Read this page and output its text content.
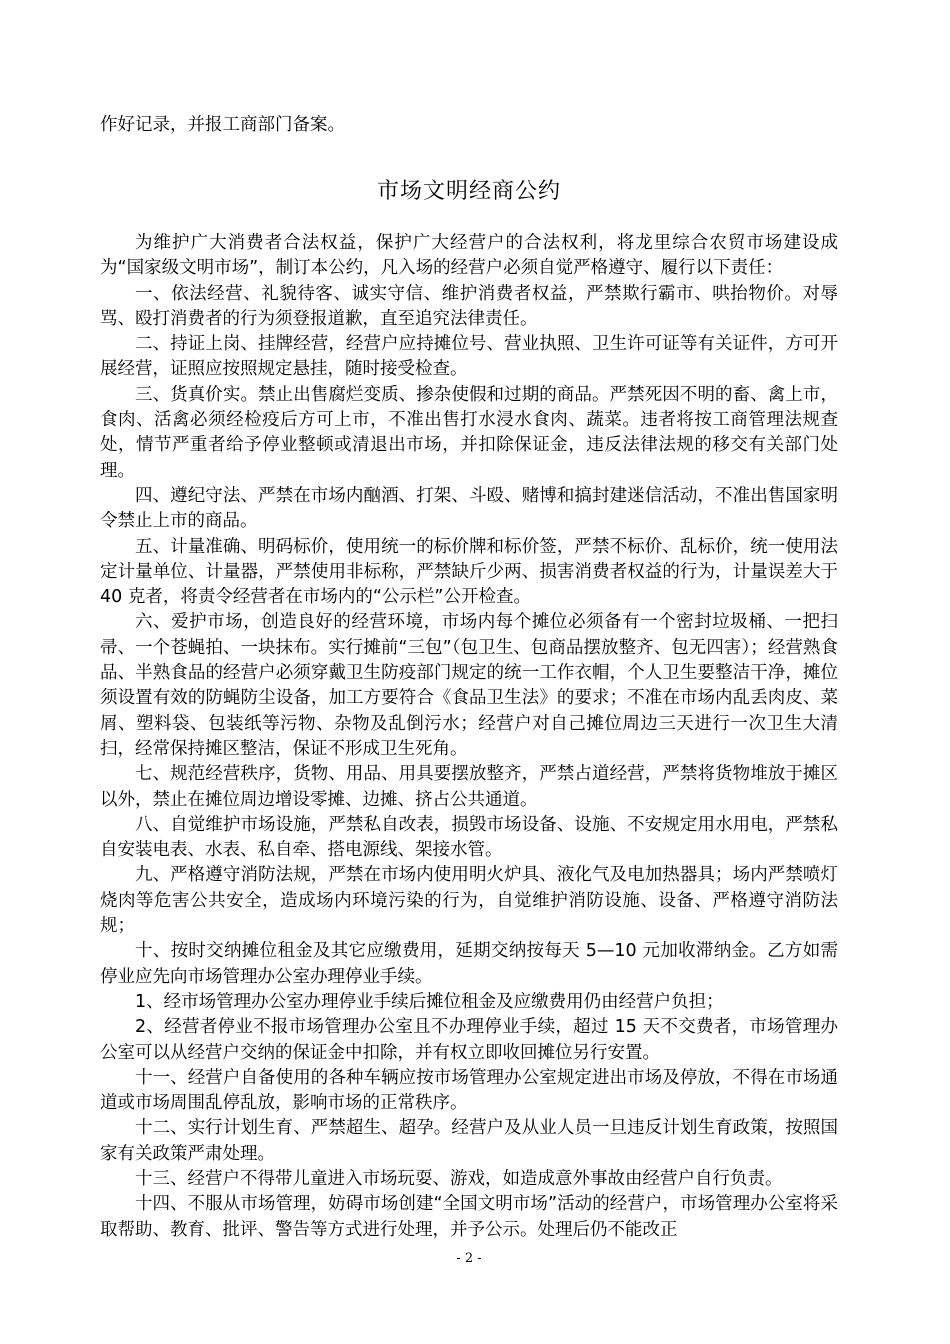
作好记录，并报工商部门备案。
市场文明经商公约

为维护广大消费者合法权益，保护广大经营户的合法权利，将龙里综合农贸市场建设成为“国家级文明市场”，制订本公约，凡入场的经营户必须自觉严格遵守、履行以下责任：

一、依法经营、礼貌待客、诚实守信、维护消费者权益，严禁欺行霸市、哄抬物价。对辱骂、殴打消费者的行为须登报道歉，直至追究法律责任。

二、持证上岗、挂牌经营，经营户应持摊位号、营业执照、卫生许可证等有关证件，方可开展经营，证照应按照规定悬挂，随时接受检查。

三、货真价实。禁止出售腐烂变质、掺杂使假和过期的商品。严禁死因不明的畜、禽上市，食肉、活禽必须经检疫后方可上市，不准出售打水浸水食肉、蔬菜。违者将按工商管理法规查处，情节严重者给予停业整顿或清退出市场，并扣除保证金，违反法律法规的移交有关部门处理。

四、遵纪守法、严禁在市场内酗酒、打架、斗殴、赌博和搞封建迷信活动，不准出售国家明令禁止上市的商品。

五、计量准确、明码标价，使用统一的标价牌和标价签，严禁不标价、乱标价，统一使用法定计量单位、计量器，严禁使用非标称，严禁缺斤少两、损害消费者权益的行为，计量误差大于 40 克者，将责令经营者在市场内的“公示栏”公开检查。

六、爱护市场，创造良好的经营环境，市场内每个摊位必须备有一个密封垃圾桶、一把扫帚、一个苍蝇拍、一块抹布。实行摊前“三包”（包卫生、包商品摆放整齐、包无四害）；经营熟食品、半熟食品的经营户必须穿戴卫生防疫部门规定的统一工作衣帽，个人卫生要整洁干净，摊位须设置有效的防蝇防尘设备，加工方要符合《食品卫生法》的要求；不准在市场内乱丢肉皮、菜屑、塑料袋、包装纸等污物、杂物及乱倒污水；经营户对自己摊位周边三天进行一次卫生大清扫，经常保持摊区整洁，保证不形成卫生死角。

七、规范经营秩序，货物、用品、用具要摆放整齐，严禁占道经营，严禁将货物堆放于摊区以外，禁止在摊位周边增设零摊、边摊、挤占公共通道。

八、自觉维护市场设施，严禁私自改表，损毁市场设备、设施、不安规定用水用电，严禁私自安装电表、水表、私自牵、搭电源线、架接水管。

九、严格遵守消防法规，严禁在市场内使用明火炉具、液化气及电加热器具；场内严禁喷灯烧肉等危害公共安全，造成场内环境污染的行为，自觉维护消防设施、设备、严格遵守消防法规；

十、按时交纳摊位租金及其它应缴费用，延期交纳按每天 5—10 元加收滞纳金。乙方如需停业应先向市场管理办公室办理停业手续。

1、经市场管理办公室办理停业手续后摊位租金及应缴费用仍由经营户负担；

2、经营者停业不报市场管理办公室且不办理停业手续，超过 15 天不交费者，市场管理办公室可以从经营户交纳的保证金中扣除，并有权立即收回摊位另行安置。

十一、经营户自备使用的各种车辆应按市场管理办公室规定进出市场及停放，不得在市场通道或市场周围乱停乱放，影响市场的正常秩序。

十二、实行计划生育、严禁超生、超孕。经营户及从业人员一旦违反计划生育政策，按照国家有关政策严肃处理。

十三、经营户不得带儿童进入市场玩耍、游戏，如造成意外事故由经营户自行负责。

十四、不服从市场管理，妨碍市场创建“全国文明市场”活动的经营户，市场管理办公室将采取帮助、教育、批评、警告等方式进行处理，并予公示。处理后仍不能改正

- 2 -
